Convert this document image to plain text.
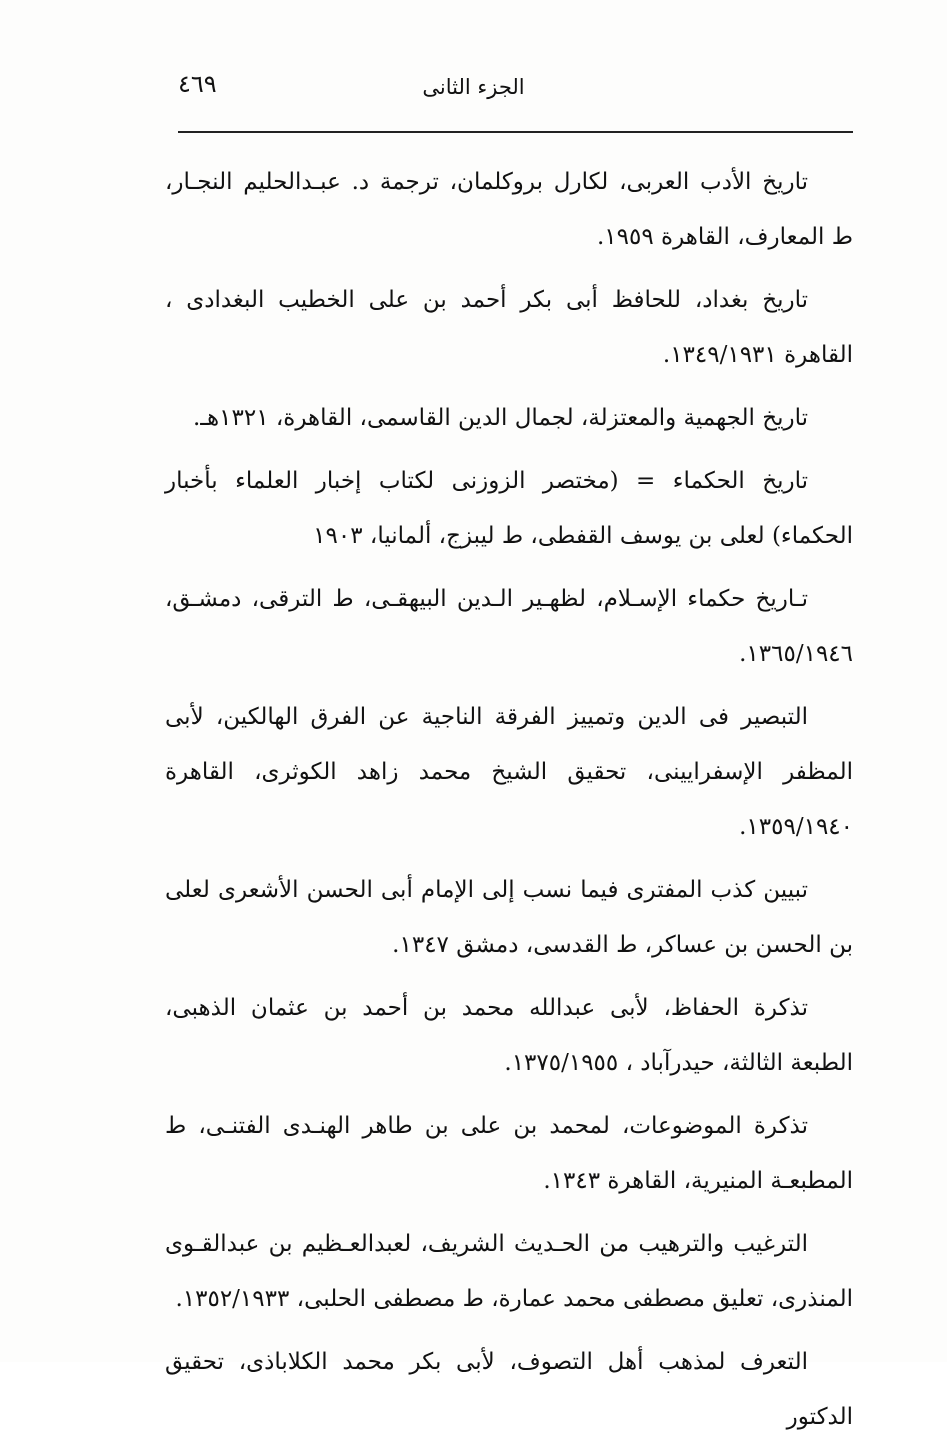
٤٦٩	الجزء الثانى

تاريخ الأدب العربى، لكارل بروكلمان، ترجمة د. عبـدالحليم النجـار، ط المعارف، القاهرة ١٩٥٩.

تاريخ بغداد، للحافظ أبى بكر أحمد بن على الخطيب البغدادى ، القاهرة ١٣٤٩/١٩٣١.

تاريخ الجهمية والمعتزلة، لجمال الدين القاسمى، القاهرة، ١٣٢١هـ.

تاريخ الحكماء = (مختصر الزوزنى لكتاب إخبار العلماء بأخبار الحكماء) لعلى بن يوسف القفطى، ط ليبزج، ألمانيا، ١٩٠٣

تـاريخ حكماء الإسـلام، لظهـير الـدين البيهقـى، ط الترقى، دمشـق، ١٣٦٥/١٩٤٦.

التبصير فى الدين وتمييز الفرقة الناجية عن الفرق الهالكين، لأبى المظفر الإسفرايينى، تحقيق الشيخ محمد زاهد الكوثرى، القاهرة ١٣٥٩/١٩٤٠.

تبيين كذب المفترى فيما نسب إلى الإمام أبى الحسن الأشعرى لعلى بن الحسن بن عساكر، ط القدسى، دمشق ١٣٤٧.

تذكرة الحفاظ، لأبى عبدالله محمد بن أحمد بن عثمان الذهبى، الطبعة الثالثة، حيدرآباد ، ١٣٧٥/١٩٥٥.

تذكرة الموضوعات، لمحمد بن على بن طاهر الهنـدى الفتنـى، ط المطبعـة المنيرية، القاهرة ١٣٤٣.

الترغيب والترهيب من الحـديث الشريف، لعبدالعـظيم بن عبدالقـوى المنذرى، تعليق مصطفى محمد عمارة، ط مصطفى الحلبى، ١٣٥٢/١٩٣٣.

التعرف لمذهب أهل التصوف، لأبى بكر محمد الكلاباذى، تحقيق الدكتور
